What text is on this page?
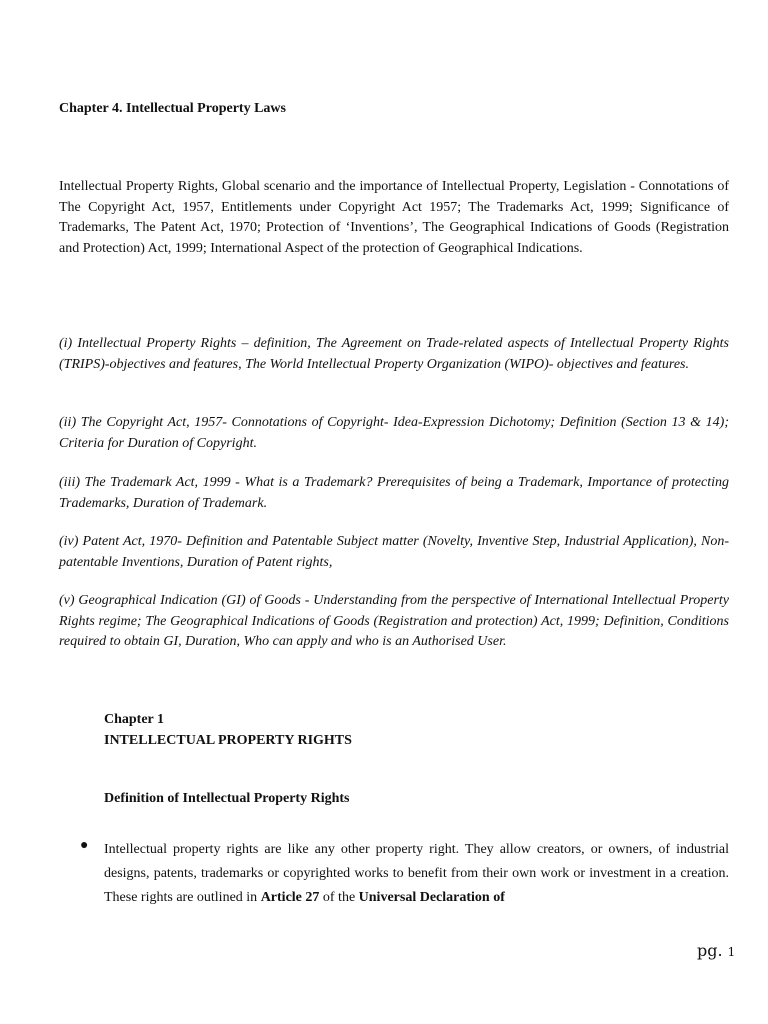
Chapter 4. Intellectual Property Laws

Intellectual Property Rights, Global scenario and the importance of Intellectual Property, Legislation - Connotations of The Copyright Act, 1957, Entitlements under Copyright Act 1957; The Trademarks Act, 1999; Significance of Trademarks, The Patent Act, 1970; Protection of ‘Inventions’, The Geographical Indications of Goods (Registration and Protection) Act, 1999; International Aspect of the protection of Geographical Indications.

(i) Intellectual Property Rights – definition, The Agreement on Trade-related aspects of Intellectual Property Rights (TRIPS)-objectives and features, The World Intellectual Property Organization (WIPO)- objectives and features.

(ii) The Copyright Act, 1957- Connotations of Copyright- Idea-Expression Dichotomy; Definition (Section 13 & 14); Criteria for Duration of Copyright.

(iii) The Trademark Act, 1999 - What is a Trademark? Prerequisites of being a Trademark, Importance of protecting Trademarks, Duration of Trademark.

(iv) Patent Act, 1970- Definition and Patentable Subject matter (Novelty, Inventive Step, Industrial Application), Non-patentable Inventions, Duration of Patent rights,

(v) Geographical Indication (GI) of Goods - Understanding from the perspective of International Intellectual Property Rights regime; The Geographical Indications of Goods (Registration and protection) Act, 1999; Definition, Conditions required to obtain GI, Duration, Who can apply and who is an Authorised User.

Chapter 1
INTELLECTUAL PROPERTY RIGHTS

Definition of Intellectual Property Rights

● Intellectual property rights are like any other property right. They allow creators, or owners, of industrial designs, patents, trademarks or copyrighted works to benefit from their own work or investment in a creation. These rights are outlined in Article 27 of the Universal Declaration of

pg. 1
